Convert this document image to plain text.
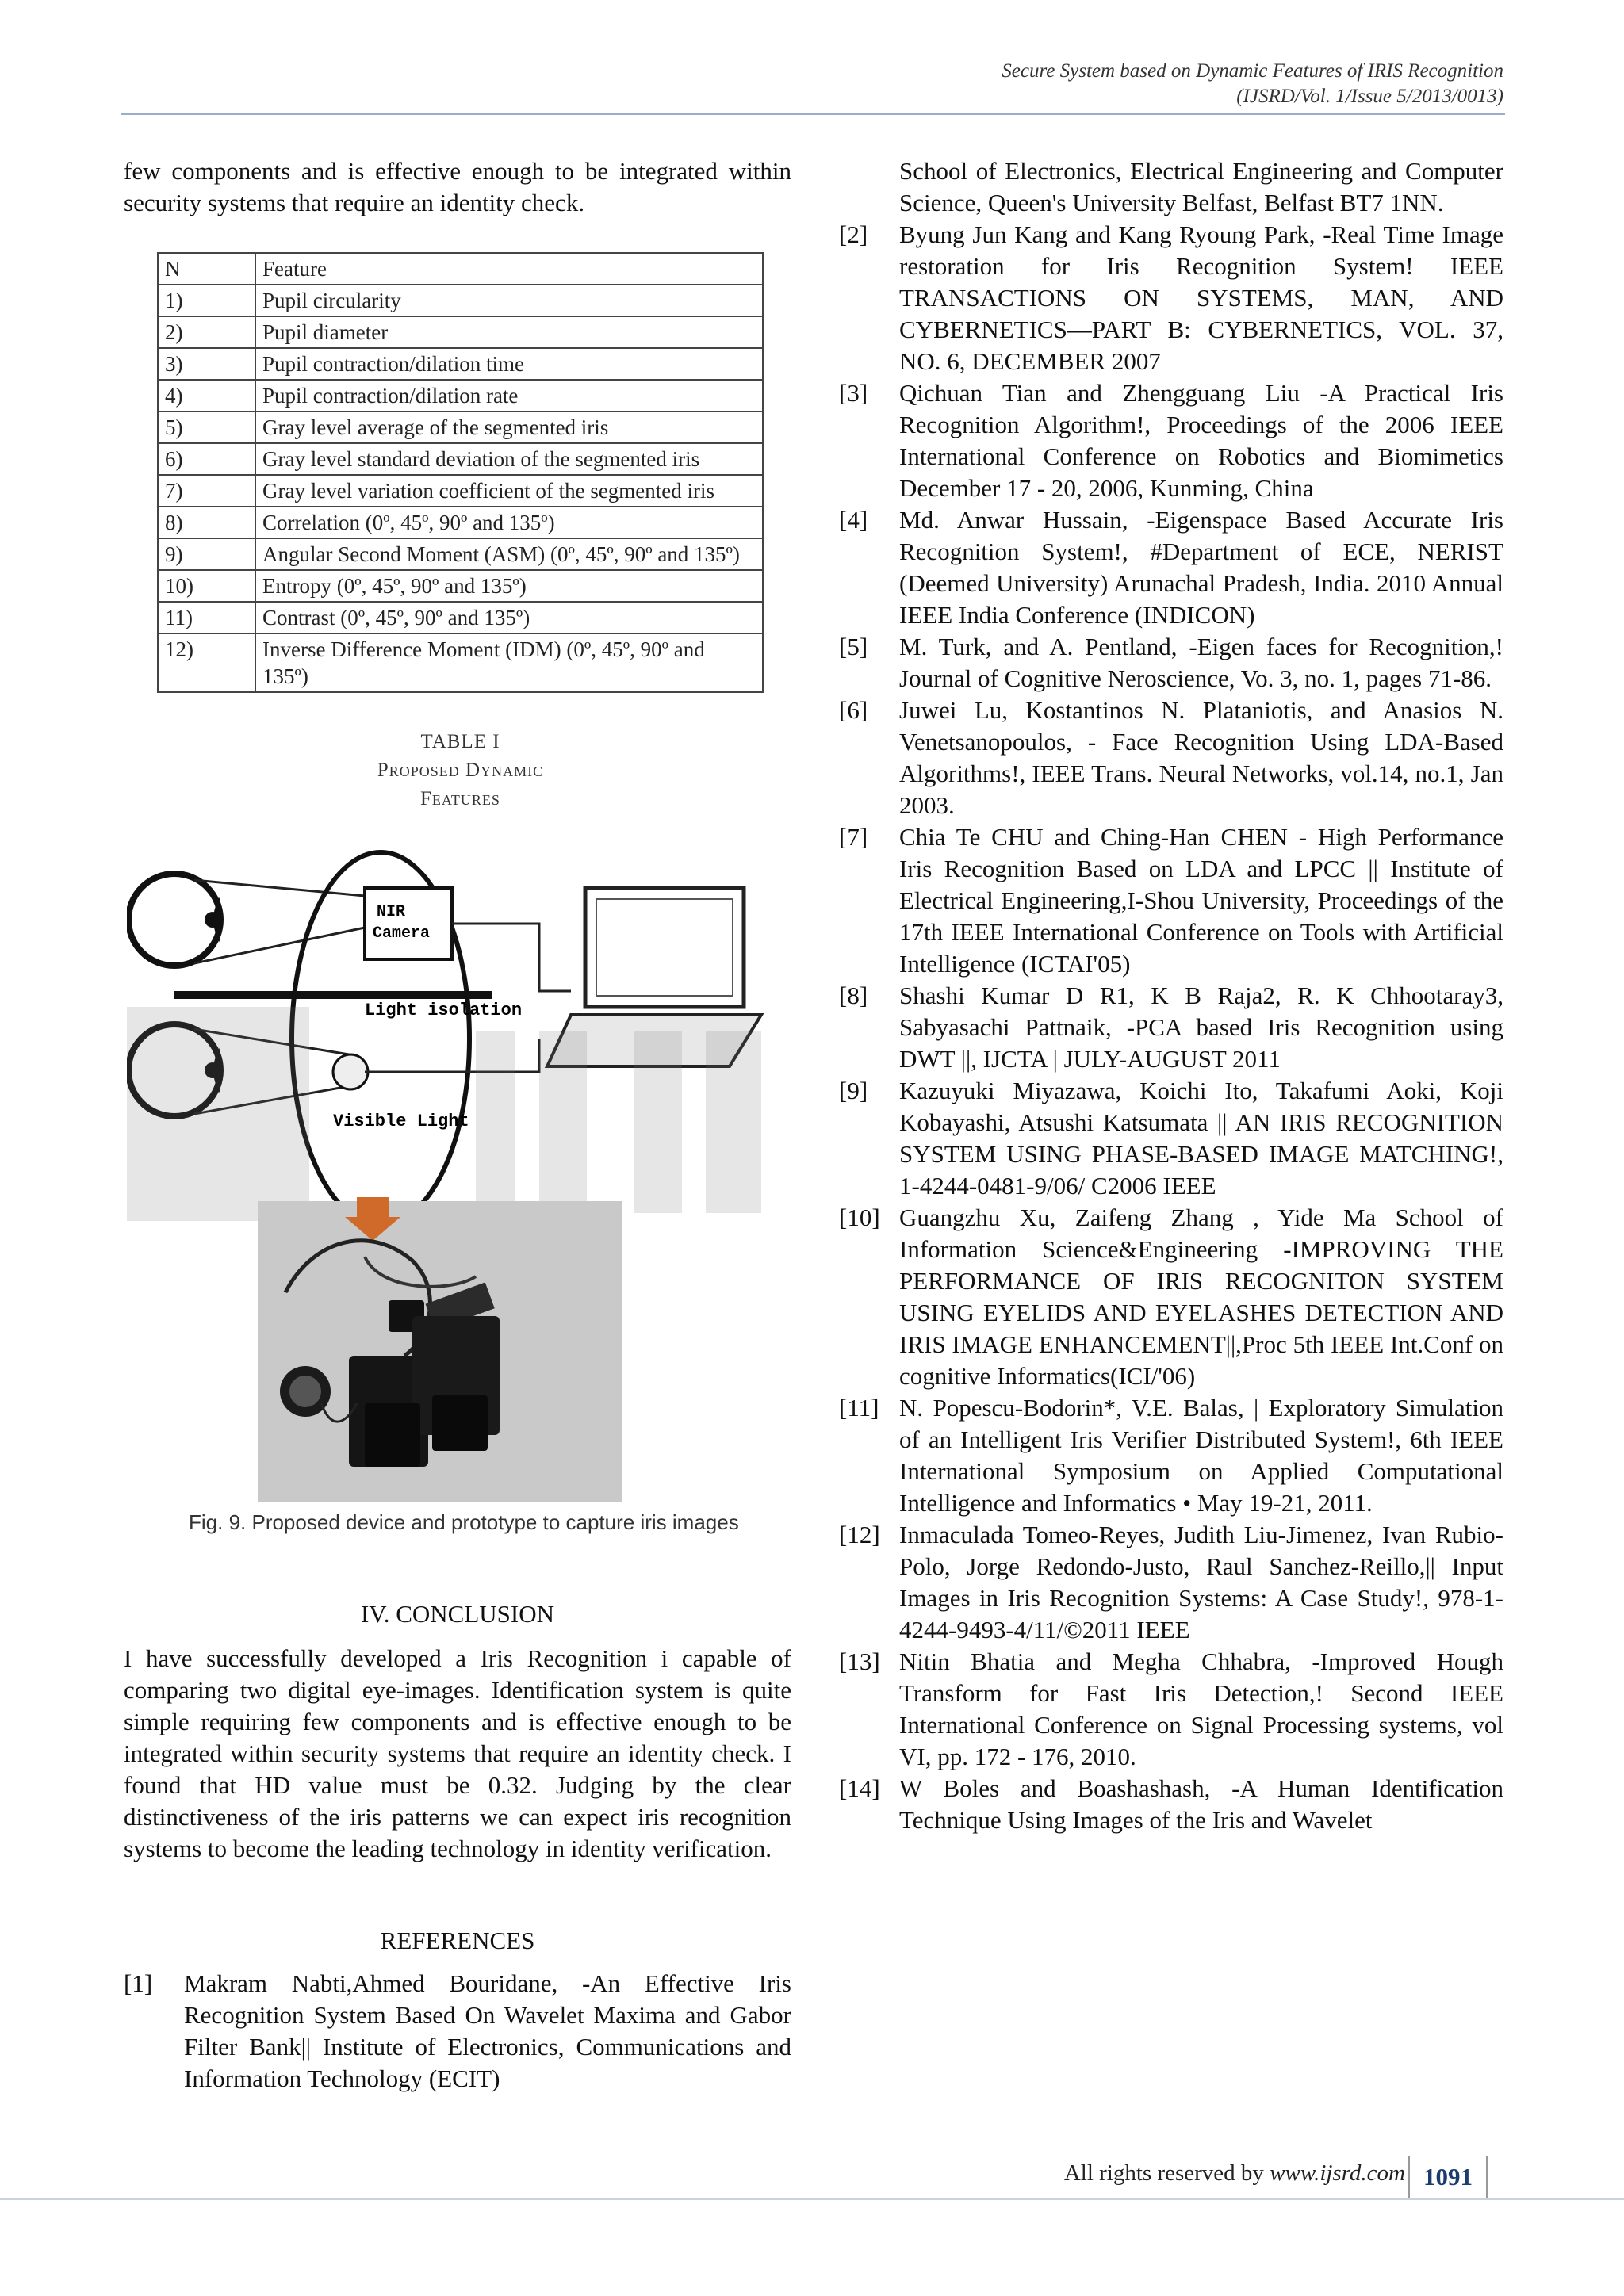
Secure System based on Dynamic Features of IRIS Recognition
(IJSRD/Vol. 1/Issue 5/2013/0013)

few components and is effective enough to be integrated within security systems that require an identity check.

N	Feature
1)	Pupil circularity
2)	Pupil diameter
3)	Pupil contraction/dilation time
4)	Pupil contraction/dilation rate
5)	Gray level average of the segmented iris
6)	Gray level standard deviation of the segmented iris
7)	Gray level variation coefficient of the segmented iris
8)	Correlation (0º, 45º, 90º and 135º)
9)	Angular Second Moment (ASM) (0º, 45º, 90º and 135º)
10)	Entropy (0º, 45º, 90º and 135º)
11)	Contrast (0º, 45º, 90º and 135º)
12)	Inverse Difference Moment (IDM) (0º, 45º, 90º and 135º)
TABLE I
Proposed Dynamic
Features
NIR
Camera
Light isolation
Visible Light
Fig. 9. Proposed device and prototype to capture iris images
IV. CONCLUSION
I have successfully developed a Iris Recognition i capable of comparing two digital eye-images. Identification system is quite simple requiring few components and is effective enough to be integrated within security systems that require an identity check. I found that HD value must be 0.32. Judging by the clear distinctiveness of the iris patterns we can expect iris recognition systems to become the leading technology in identity verification.
REFERENCES
[1] Makram Nabti,Ahmed Bouridane, -An Effective Iris Recognition System Based On Wavelet Maxima and Gabor Filter Bank|| Institute of Electronics, Communications and Information Technology (ECIT)
School of Electronics, Electrical Engineering and Computer Science, Queen's University Belfast, Belfast BT7 1NN.
[2] Byung Jun Kang and Kang Ryoung Park, -Real Time Image restoration for Iris Recognition System! IEEE TRANSACTIONS ON SYSTEMS, MAN, AND CYBERNETICS—PART B: CYBERNETICS, VOL. 37, NO. 6, DECEMBER 2007
[3] Qichuan Tian and Zhengguang Liu -A Practical Iris Recognition Algorithm!, Proceedings of the 2006 IEEE International Conference on Robotics and Biomimetics December 17 - 20, 2006, Kunming, China
[4] Md. Anwar Hussain, -Eigenspace Based Accurate Iris Recognition System!, #Department of ECE, NERIST (Deemed University) Arunachal Pradesh, India. 2010 Annual IEEE India Conference (INDICON)
[5] M. Turk, and A. Pentland, -Eigen faces for Recognition,! Journal of Cognitive Neroscience, Vo. 3, no. 1, pages 71-86.
[6] Juwei Lu, Kostantinos N. Plataniotis, and Anasios N. Venetsanopoulos, - Face Recognition Using LDA-Based Algorithms!, IEEE Trans. Neural Networks, vol.14, no.1, Jan 2003.
[7] Chia Te CHU and Ching-Han CHEN - High Performance Iris Recognition Based on LDA and LPCC || Institute of Electrical Engineering,I-Shou University, Proceedings of the 17th IEEE International Conference on Tools with Artificial Intelligence (ICTAI'05)
[8] Shashi Kumar D R1, K B Raja2, R. K Chhootaray3, Sabyasachi Pattnaik, -PCA based Iris Recognition using DWT ||, IJCTA | JULY-AUGUST 2011
[9] Kazuyuki Miyazawa, Koichi Ito, Takafumi Aoki, Koji Kobayashi, Atsushi Katsumata || AN IRIS RECOGNITION SYSTEM USING PHASE-BASED IMAGE MATCHING!, 1-4244-0481-9/06/ C2006 IEEE
[10] Guangzhu Xu, Zaifeng Zhang , Yide Ma School of Information Science&Engineering -IMPROVING THE PERFORMANCE OF IRIS RECOGNITON SYSTEM USING EYELIDS AND EYELASHES DETECTION AND IRIS IMAGE ENHANCEMENT||,Proc 5th IEEE Int.Conf on cognitive Informatics(ICI/'06)
[11] N. Popescu-Bodorin*, V.E. Balas, | Exploratory Simulation of an Intelligent Iris Verifier Distributed System!, 6th IEEE International Symposium on Applied Computational Intelligence and Informatics • May 19-21, 2011.
[12] Inmaculada Tomeo-Reyes, Judith Liu-Jimenez, Ivan Rubio-Polo, Jorge Redondo-Justo, Raul Sanchez-Reillo,|| Input Images in Iris Recognition Systems: A Case Study!, 978-1-4244-9493-4/11/©2011 IEEE
[13] Nitin Bhatia and Megha Chhabra, -Improved Hough Transform for Fast Iris Detection,! Second IEEE International Conference on Signal Processing systems, vol VI, pp. 172 - 176, 2010.
[14] W Boles and Boashashash, -A Human Identification Technique Using Images of the Iris and Wavelet
All rights reserved by www.ijsrd.com 1091
